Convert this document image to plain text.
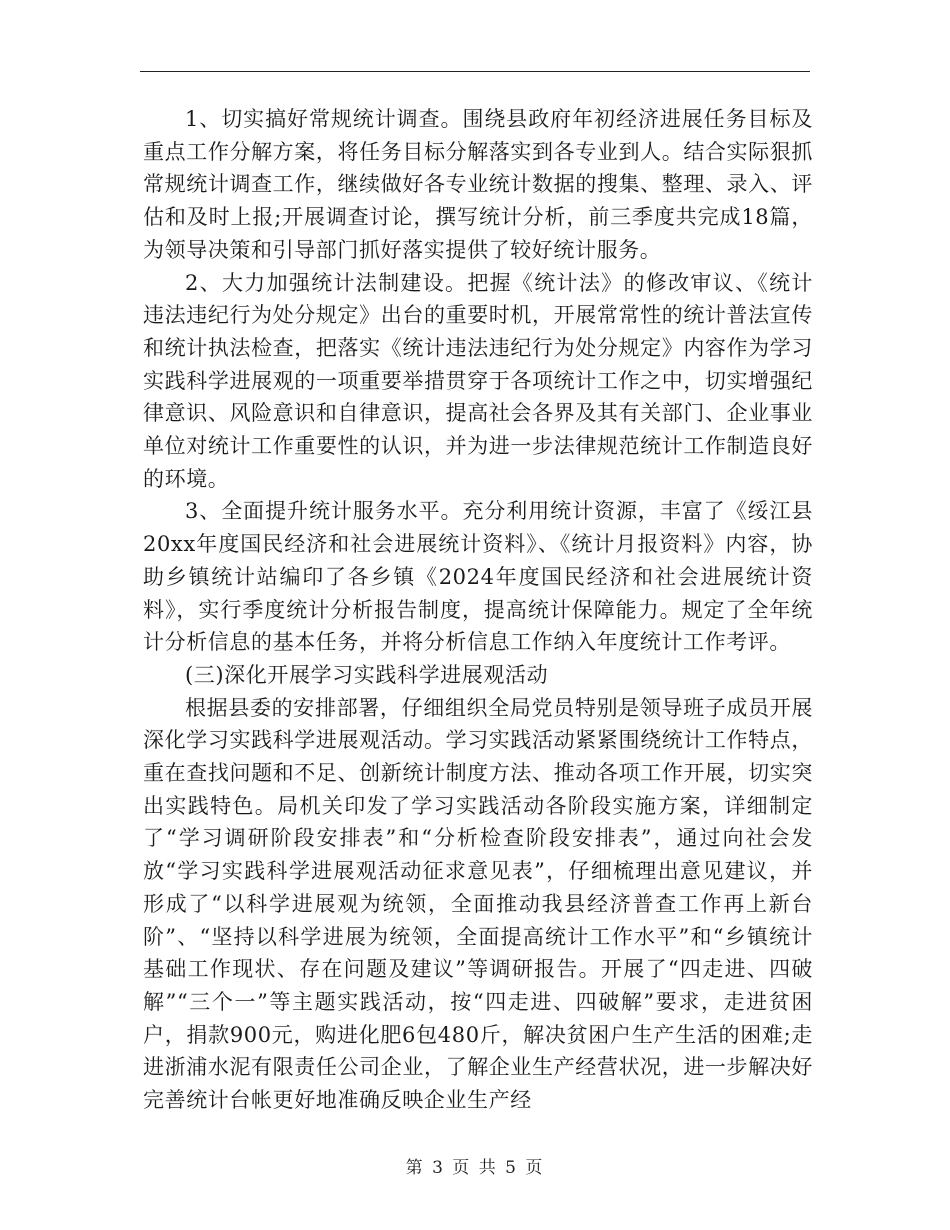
1、切实搞好常规统计调查。围绕县政府年初经济进展任务目标及重点工作分解方案，将任务目标分解落实到各专业到人。结合实际狠抓常规统计调查工作，继续做好各专业统计数据的搜集、整理、录入、评估和及时上报;开展调查讨论，撰写统计分析，前三季度共完成18篇，为领导决策和引导部门抓好落实提供了较好统计服务。

2、大力加强统计法制建设。把握《统计法》的修改审议、《统计违法违纪行为处分规定》出台的重要时机，开展常常性的统计普法宣传和统计执法检查，把落实《统计违法违纪行为处分规定》内容作为学习实践科学进展观的一项重要举措贯穿于各项统计工作之中，切实增强纪律意识、风险意识和自律意识，提高社会各界及其有关部门、企业事业单位对统计工作重要性的认识，并为进一步法律规范统计工作制造良好的环境。

3、全面提升统计服务水平。充分利用统计资源，丰富了《绥江县20xx年度国民经济和社会进展统计资料》、《统计月报资料》内容，协助乡镇统计站编印了各乡镇《2024年度国民经济和社会进展统计资料》，实行季度统计分析报告制度，提高统计保障能力。规定了全年统计分析信息的基本任务，并将分析信息工作纳入年度统计工作考评。

(三)深化开展学习实践科学进展观活动

根据县委的安排部署，仔细组织全局党员特别是领导班子成员开展深化学习实践科学进展观活动。学习实践活动紧紧围绕统计工作特点，重在查找问题和不足、创新统计制度方法、推动各项工作开展，切实突出实践特色。局机关印发了学习实践活动各阶段实施方案，详细制定了“学习调研阶段安排表”和“分析检查阶段安排表”，通过向社会发放“学习实践科学进展观活动征求意见表”，仔细梳理出意见建议，并形成了“以科学进展观为统领，全面推动我县经济普查工作再上新台阶”、“坚持以科学进展为统领，全面提高统计工作水平”和“乡镇统计基础工作现状、存在问题及建议”等调研报告。开展了“四走进、四破解”“三个一”等主题实践活动，按“四走进、四破解”要求，走进贫困户，捐款900元，购进化肥6包480斤，解决贫困户生产生活的困难;走进浙浦水泥有限责任公司企业，了解企业生产经营状况，进一步解决好完善统计台帐更好地准确反映企业生产经

第 3 页 共 5 页
